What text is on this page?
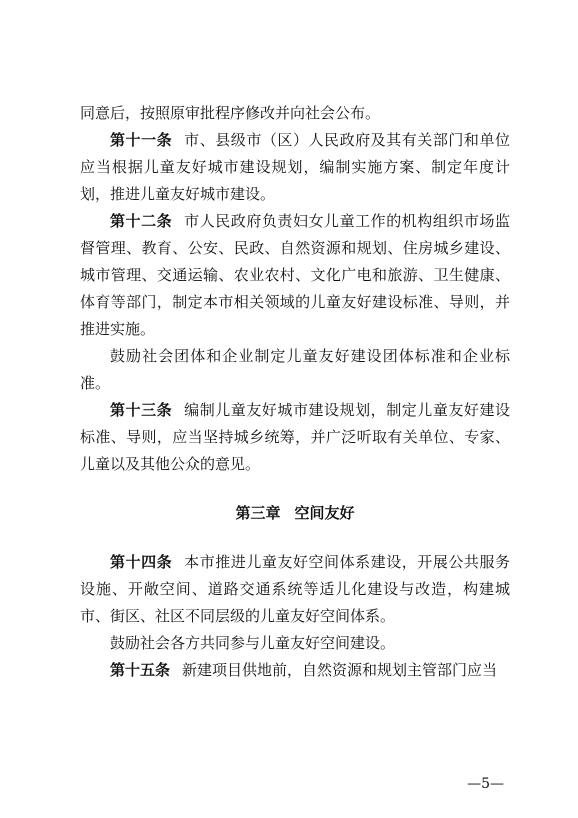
同意后，按照原审批程序修改并向社会公布。

第十一条 市、县级市（区）人民政府及其有关部门和单位应当根据儿童友好城市建设规划，编制实施方案、制定年度计划，推进儿童友好城市建设。

第十二条 市人民政府负责妇女儿童工作的机构组织市场监督管理、教育、公安、民政、自然资源和规划、住房城乡建设、城市管理、交通运输、农业农村、文化广电和旅游、卫生健康、体育等部门，制定本市相关领域的儿童友好建设标准、导则，并推进实施。

鼓励社会团体和企业制定儿童友好建设团体标准和企业标准。

第十三条 编制儿童友好城市建设规划，制定儿童友好建设标准、导则，应当坚持城乡统筹，并广泛听取有关单位、专家、儿童以及其他公众的意见。

第三章 空间友好

第十四条 本市推进儿童友好空间体系建设，开展公共服务设施、开敞空间、道路交通系统等适儿化建设与改造，构建城市、街区、社区不同层级的儿童友好空间体系。

鼓励社会各方共同参与儿童友好空间建设。

第十五条 新建项目供地前，自然资源和规划主管部门应当

—5—
